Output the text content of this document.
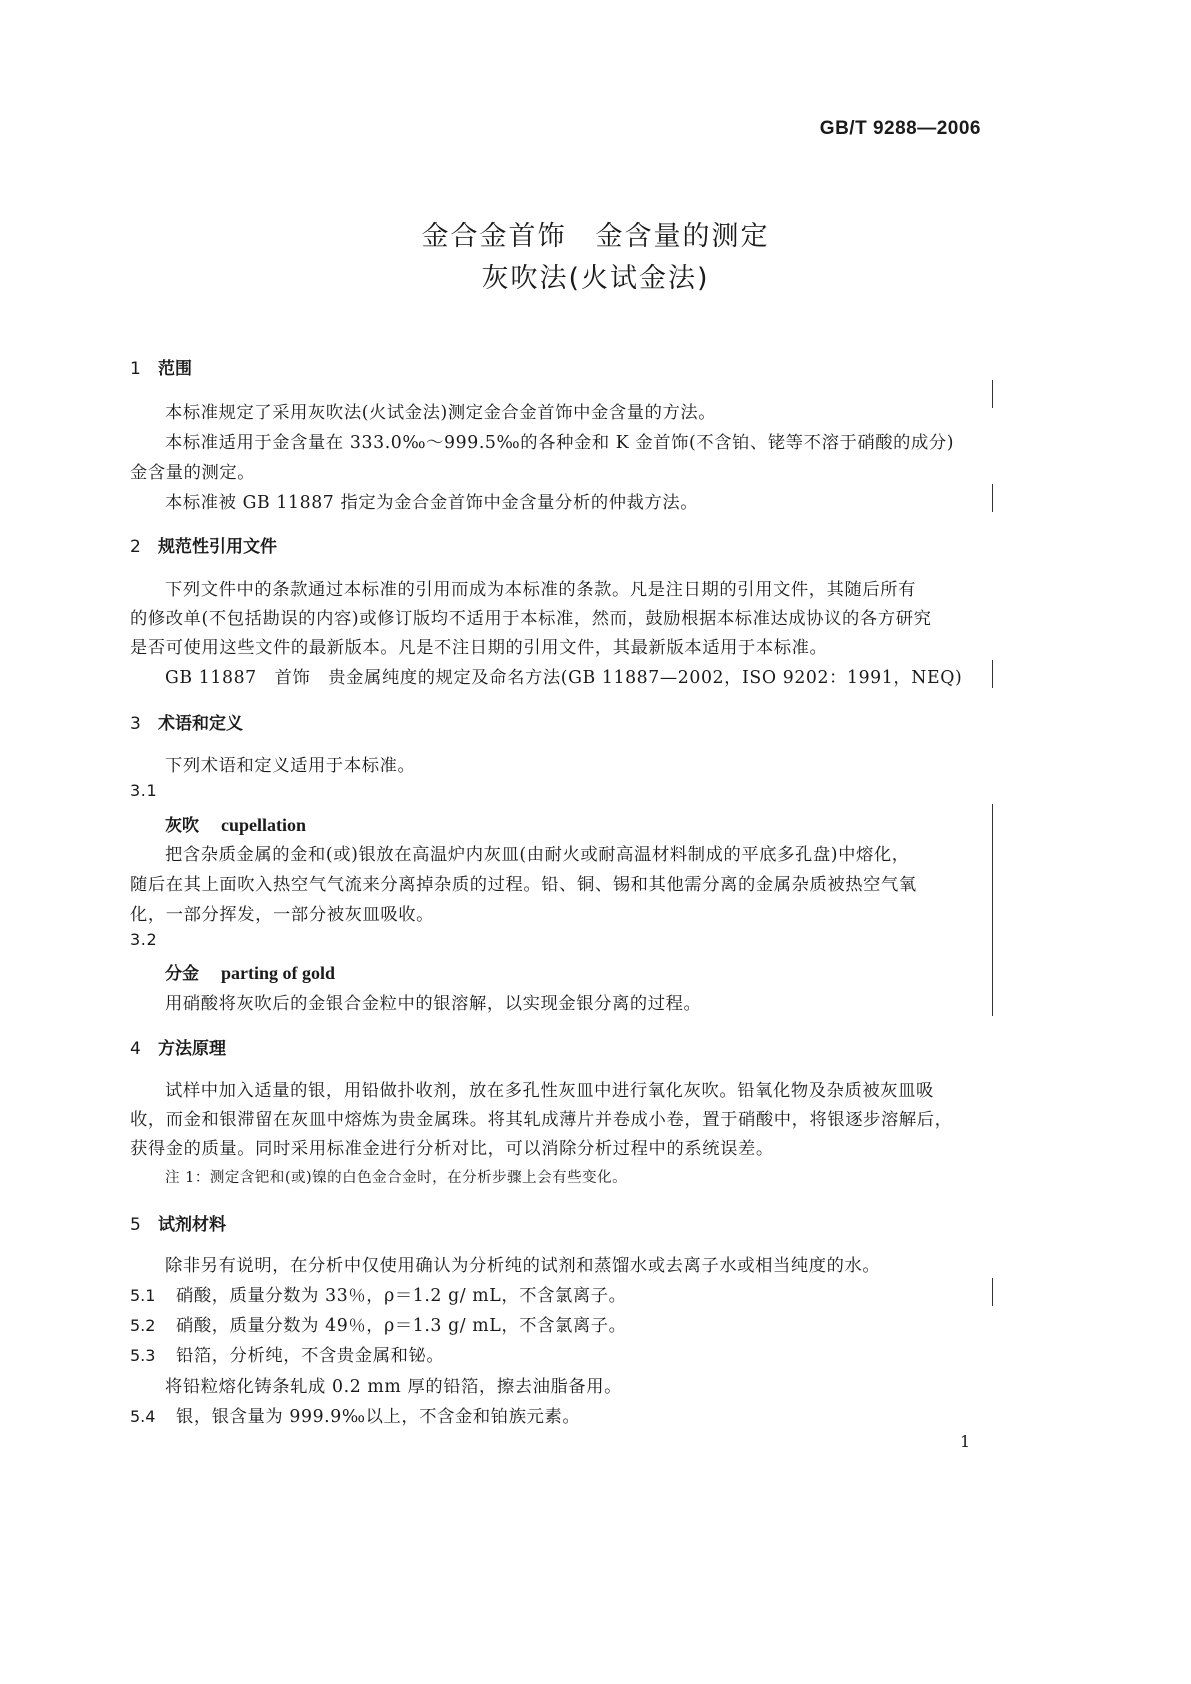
GB/T 9288—2006
金合金首饰　金含量的测定
灰吹法(火试金法)
1 范围
本标准规定了采用灰吹法(火试金法)测定金合金首饰中金含量的方法。
本标准适用于金含量在 333.0‰～999.5‰的各种金和 K 金首饰(不含铂、铑等不溶于硝酸的成分)
金含量的测定。
本标准被 GB 11887 指定为金合金首饰中金含量分析的仲裁方法。
2 规范性引用文件
下列文件中的条款通过本标准的引用而成为本标准的条款。凡是注日期的引用文件，其随后所有
的修改单(不包括勘误的内容)或修订版均不适用于本标准，然而，鼓励根据本标准达成协议的各方研究
是否可使用这些文件的最新版本。凡是不注日期的引用文件，其最新版本适用于本标准。
GB 11887　首饰　贵金属纯度的规定及命名方法(GB 11887—2002，ISO 9202：1991，NEQ)
3 术语和定义
下列术语和定义适用于本标准。
3.1
灰吹 cupellation
把含杂质金属的金和(或)银放在高温炉内灰皿(由耐火或耐高温材料制成的平底多孔盘)中熔化，
随后在其上面吹入热空气气流来分离掉杂质的过程。铅、铜、锡和其他需分离的金属杂质被热空气氧
化，一部分挥发，一部分被灰皿吸收。
3.2
分金 parting of gold
用硝酸将灰吹后的金银合金粒中的银溶解，以实现金银分离的过程。
4 方法原理
试样中加入适量的银，用铅做扑收剂，放在多孔性灰皿中进行氧化灰吹。铅氧化物及杂质被灰皿吸
收，而金和银滞留在灰皿中熔炼为贵金属珠。将其轧成薄片并卷成小卷，置于硝酸中，将银逐步溶解后，
获得金的质量。同时采用标准金进行分析对比，可以消除分析过程中的系统误差。
注 1：测定含钯和(或)镍的白色金合金时，在分析步骤上会有些变化。
5 试剂材料
除非另有说明，在分析中仅使用确认为分析纯的试剂和蒸馏水或去离子水或相当纯度的水。
5.1 硝酸，质量分数为 33％，ρ＝1.2 g/ mL，不含氯离子。
5.2 硝酸，质量分数为 49％，ρ＝1.3 g/ mL，不含氯离子。
5.3 铅箔，分析纯，不含贵金属和铋。
将铅粒熔化铸条轧成 0.2 mm 厚的铅箔，擦去油脂备用。
5.4 银，银含量为 999.9‰以上，不含金和铂族元素。
1
